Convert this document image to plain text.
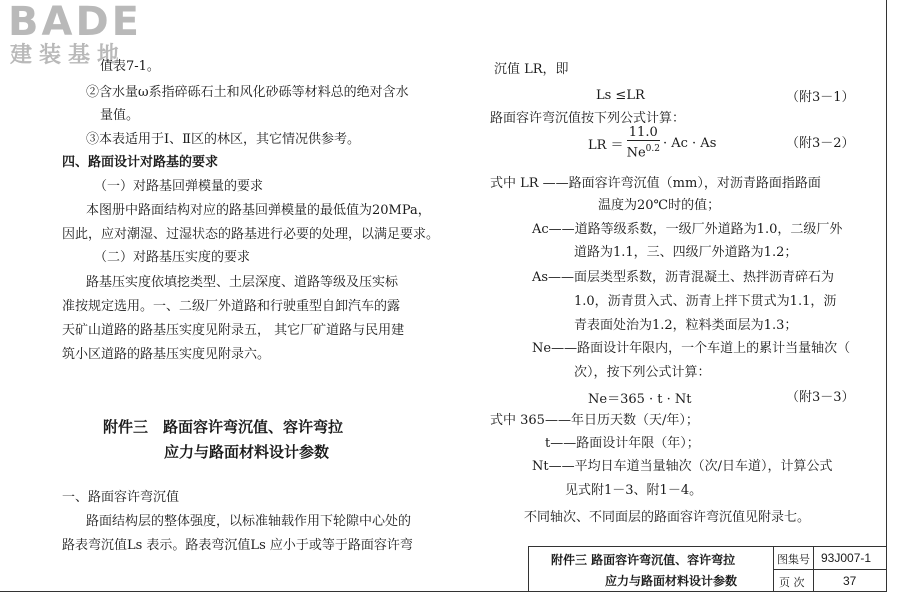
BADE
建装基地
值表7-1。
②含水量ω系指碎砾石土和风化砂砾等材料总的绝对含水
量值。
③本表适用于Ⅰ、Ⅱ区的林区，其它情况供参考。
四、路面设计对路基的要求
（一）对路基回弹模量的要求
本图册中路面结构对应的路基回弹模量的最低值为20MPa，
因此，应对潮湿、过湿状态的路基进行必要的处理，以满足要求。
（二）对路基压实度的要求
路基压实度依填挖类型、土层深度、道路等级及压实标
准按规定选用。一、二级厂外道路和行驶重型自卸汽车的露
天矿山道路的路基压实度见附录五， 其它厂矿道路与民用建
筑小区道路的路基压实度见附录六。
附件三　路面容许弯沉值、容许弯拉
应力与路面材料设计参数
一、路面容许弯沉值
路面结构层的整体强度，以标准轴载作用下轮隙中心处的
路表弯沉值Ls 表示。路表弯沉值Ls 应小于或等于路面容许弯
沉值 LR，即
Ls ≤LR	（附3－1）
路面容许弯沉值按下列公式计算：
LR ＝ $\frac{11.0}{Ne^{0.2}} \cdot Ac \cdot As$	（附3－2）
式中 LR ——路面容许弯沉值（mm），对沥青路面指路面
温度为20℃时的值；
Ac——道路等级系数，一级厂外道路为1.0，二级厂外
道路为1.1，三、四级厂外道路为1.2；
As——面层类型系数，沥青混凝土、热拌沥青碎石为
1.0，沥青贯入式、沥青上拌下贯式为1.1，沥
青表面处治为1.2，粒料类面层为1.3；
Ne——路面设计年限内，一个车道上的累计当量轴次（
次），按下列公式计算：
Ne＝365 · t · Nt	（附3－3）
式中 365——年日历天数（天/年）；
t——路面设计年限（年）；
Nt——平均日车道当量轴次（次/日车道），计算公式
见式附1－3、附1－4。
不同轴次、不同面层的路面容许弯沉值见附录七。
附件三 路面容许弯沉值、容许弯拉
应力与路面材料设计参数
图集号 93J007-1
页 次	37
